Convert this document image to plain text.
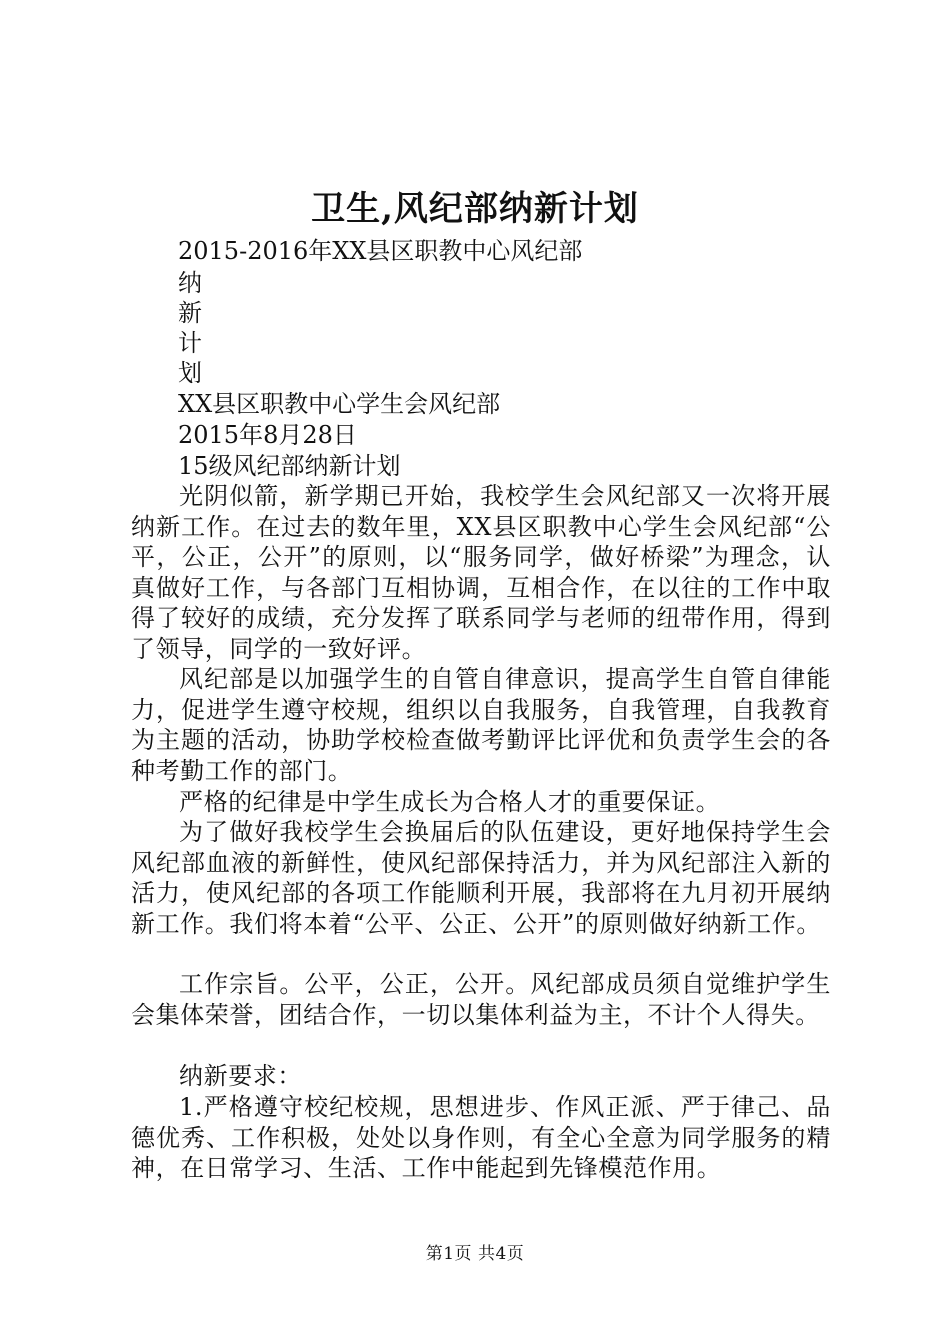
卫生,风纪部纳新计划
2015-2016年XX县区职教中心风纪部
纳
新
计
划
XX县区职教中心学生会风纪部
2015年8月28日
15级风纪部纳新计划
光阴似箭，新学期已开始，我校学生会风纪部又一次将开展纳新工作。在过去的数年里，XX县区职教中心学生会风纪部“公平，公正，公开”的原则，以“服务同学，做好桥梁”为理念，认真做好工作，与各部门互相协调，互相合作，在以往的工作中取得了较好的成绩，充分发挥了联系同学与老师的纽带作用，得到了领导，同学的一致好评。
风纪部是以加强学生的自管自律意识，提高学生自管自律能力，促进学生遵守校规，组织以自我服务，自我管理，自我教育为主题的活动，协助学校检查做考勤评比评优和负责学生会的各种考勤工作的部门。
严格的纪律是中学生成长为合格人才的重要保证。
为了做好我校学生会换届后的队伍建设，更好地保持学生会风纪部血液的新鲜性，使风纪部保持活力，并为风纪部注入新的活力，使风纪部的各项工作能顺利开展，我部将在九月初开展纳新工作。我们将本着“公平、公正、公开”的原则做好纳新工作。
工作宗旨。公平，公正，公开。风纪部成员须自觉维护学生会集体荣誉，团结合作，一切以集体利益为主，不计个人得失。
纳新要求：
1.严格遵守校纪校规，思想进步、作风正派、严于律己、品德优秀、工作积极，处处以身作则，有全心全意为同学服务的精神，在日常学习、生活、工作中能起到先锋模范作用。
第1页 共4页
